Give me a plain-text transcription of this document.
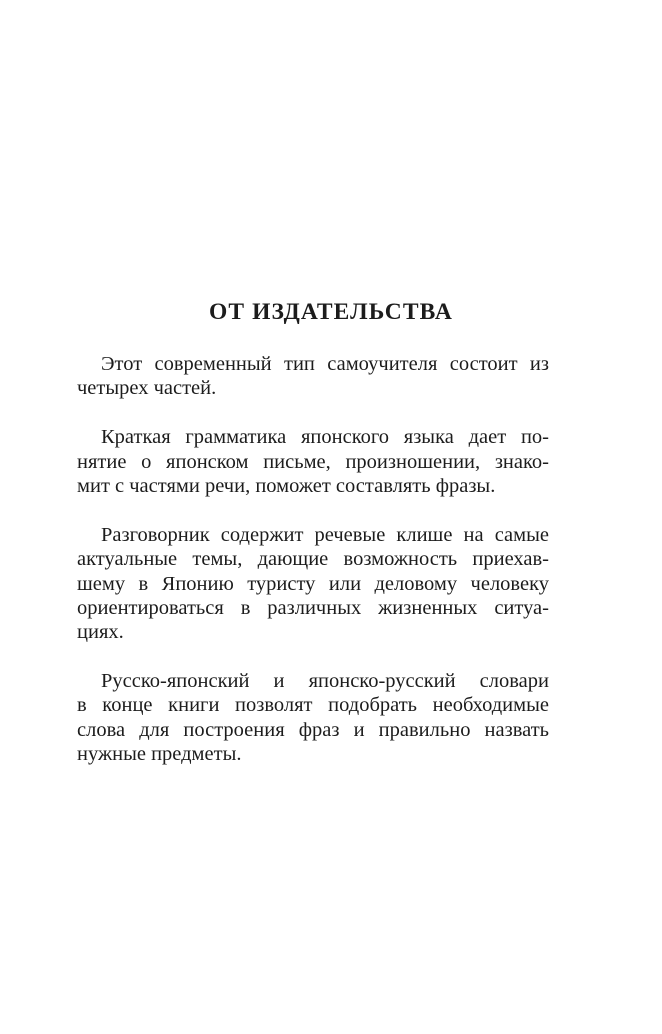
ОТ ИЗДАТЕЛЬСТВА
Этот современный тип самоучителя состоит из
четырех частей.
Краткая грамматика японского языка дает по-
нятие о японском письме, произношении, знако-
мит с частями речи, поможет составлять фразы.
Разговорник содержит речевые клише на самые
актуальные темы, дающие возможность приехав-
шему в Японию туристу или деловому человеку
ориентироваться в различных жизненных ситуа-
циях.
Русско-японский и японско-русский словари
в конце книги позволят подобрать необходимые
слова для построения фраз и правильно назвать
нужные предметы.
